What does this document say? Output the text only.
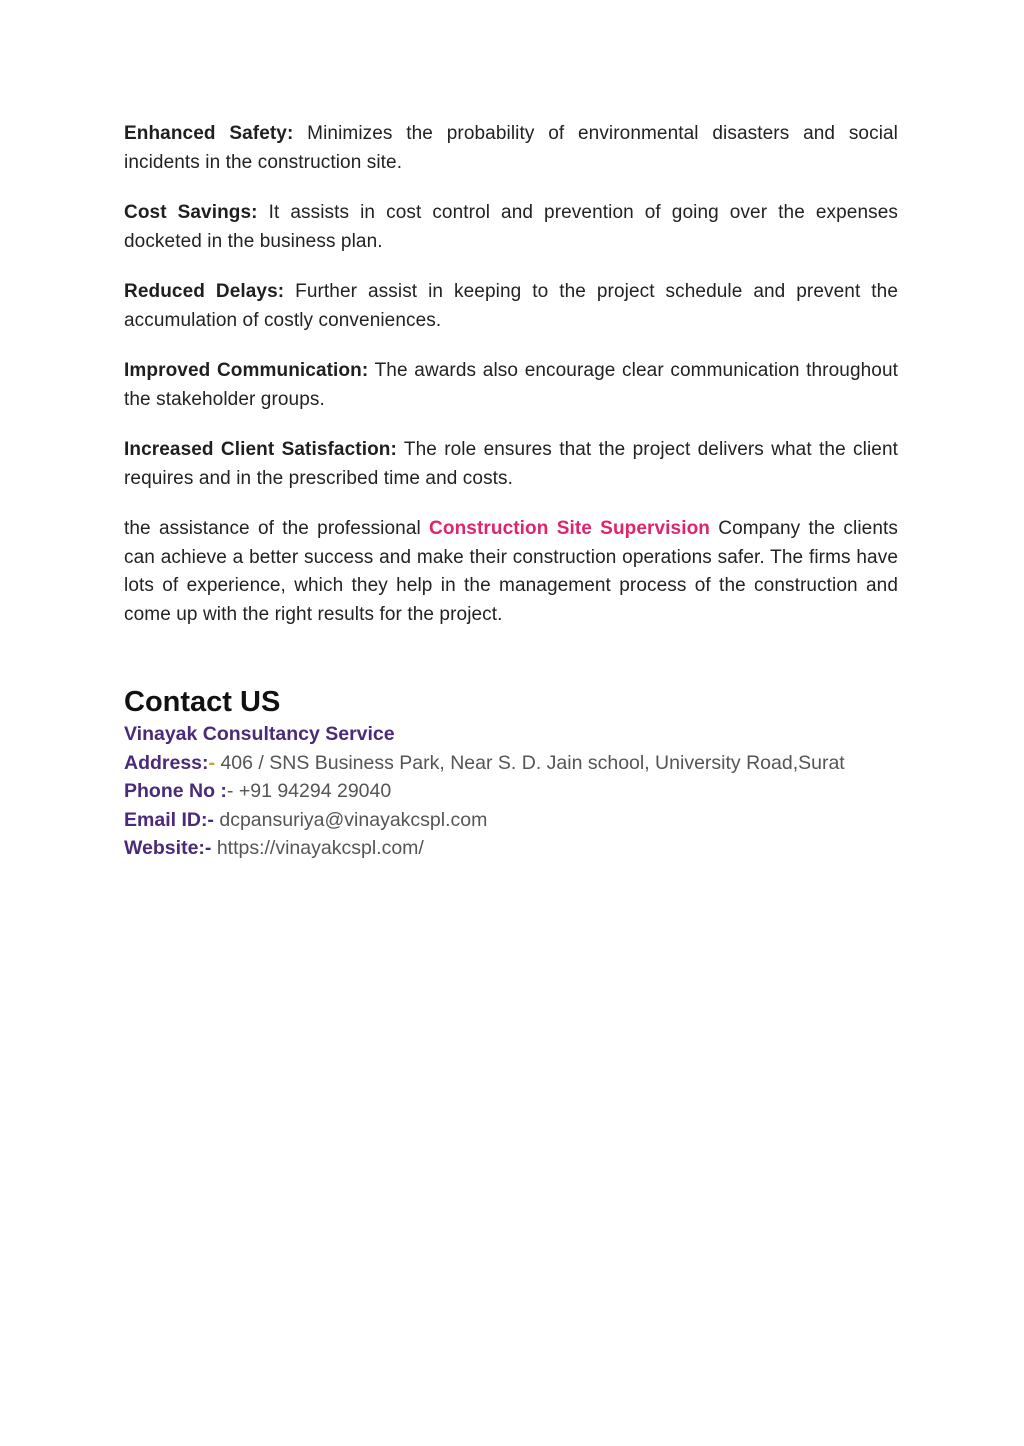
Enhanced Safety: Minimizes the probability of environmental disasters and social incidents in the construction site.

Cost Savings: It assists in cost control and prevention of going over the expenses docketed in the business plan.

Reduced Delays: Further assist in keeping to the project schedule and prevent the accumulation of costly conveniences.

Improved Communication: The awards also encourage clear communication throughout the stakeholder groups.

Increased Client Satisfaction: The role ensures that the project delivers what the client requires and in the prescribed time and costs.

the assistance of the professional Construction Site Supervision Company the clients can achieve a better success and make their construction operations safer. The firms have lots of experience, which they help in the management process of the construction and come up with the right results for the project.

Contact US
Vinayak Consultancy Service
Address:- 406 / SNS Business Park, Near S. D. Jain school, University Road,Surat
Phone No :- +91 94294 29040
Email ID:- dcpansuriya@vinayakcspl.com
Website:- https://vinayakcspl.com/
